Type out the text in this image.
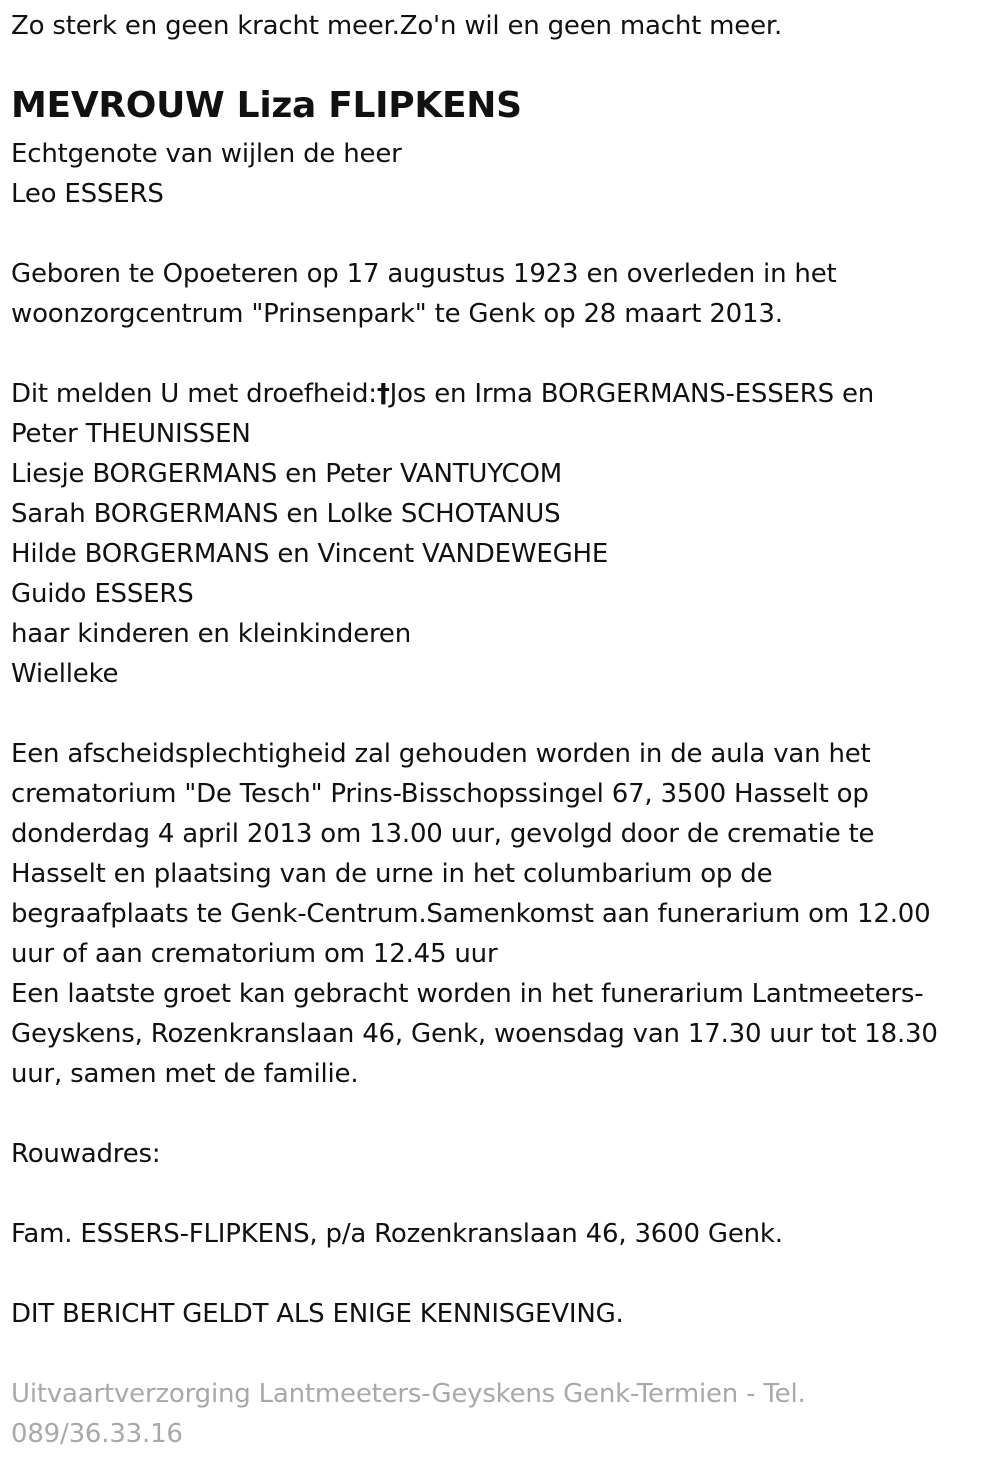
Zo sterk en geen kracht meer.Zo'n wil en geen macht meer.
MEVROUW Liza FLIPKENS
Echtgenote van wijlen de heer
Leo ESSERS
Geboren te Opoeteren op 17 augustus 1923 en overleden in het
woonzorgcentrum "Prinsenpark" te Genk op 28 maart 2013.
Dit melden U met droefheid:†Jos en Irma BORGERMANS-ESSERS en
Peter THEUNISSEN
Liesje BORGERMANS en Peter VANTUYCOM
Sarah BORGERMANS en Lolke SCHOTANUS
Hilde BORGERMANS en Vincent VANDEWEGHE
Guido ESSERS
haar kinderen en kleinkinderen
Wielleke
Een afscheidsplechtigheid zal gehouden worden in de aula van het
crematorium "De Tesch" Prins-Bisschopssingel 67, 3500 Hasselt op
donderdag 4 april 2013 om 13.00 uur, gevolgd door de crematie te
Hasselt en plaatsing van de urne in het columbarium op de
begraafplaats te Genk-Centrum.Samenkomst aan funerarium om 12.00
uur of aan crematorium om 12.45 uur
Een laatste groet kan gebracht worden in het funerarium Lantmeeters-
Geyskens, Rozenkranslaan 46, Genk, woensdag van 17.30 uur tot 18.30
uur, samen met de familie.
Rouwadres:
Fam. ESSERS-FLIPKENS, p/a Rozenkranslaan 46, 3600 Genk.
DIT BERICHT GELDT ALS ENIGE KENNISGEVING.
Uitvaartverzorging Lantmeeters-Geyskens Genk-Termien - Tel.
089/36.33.16
